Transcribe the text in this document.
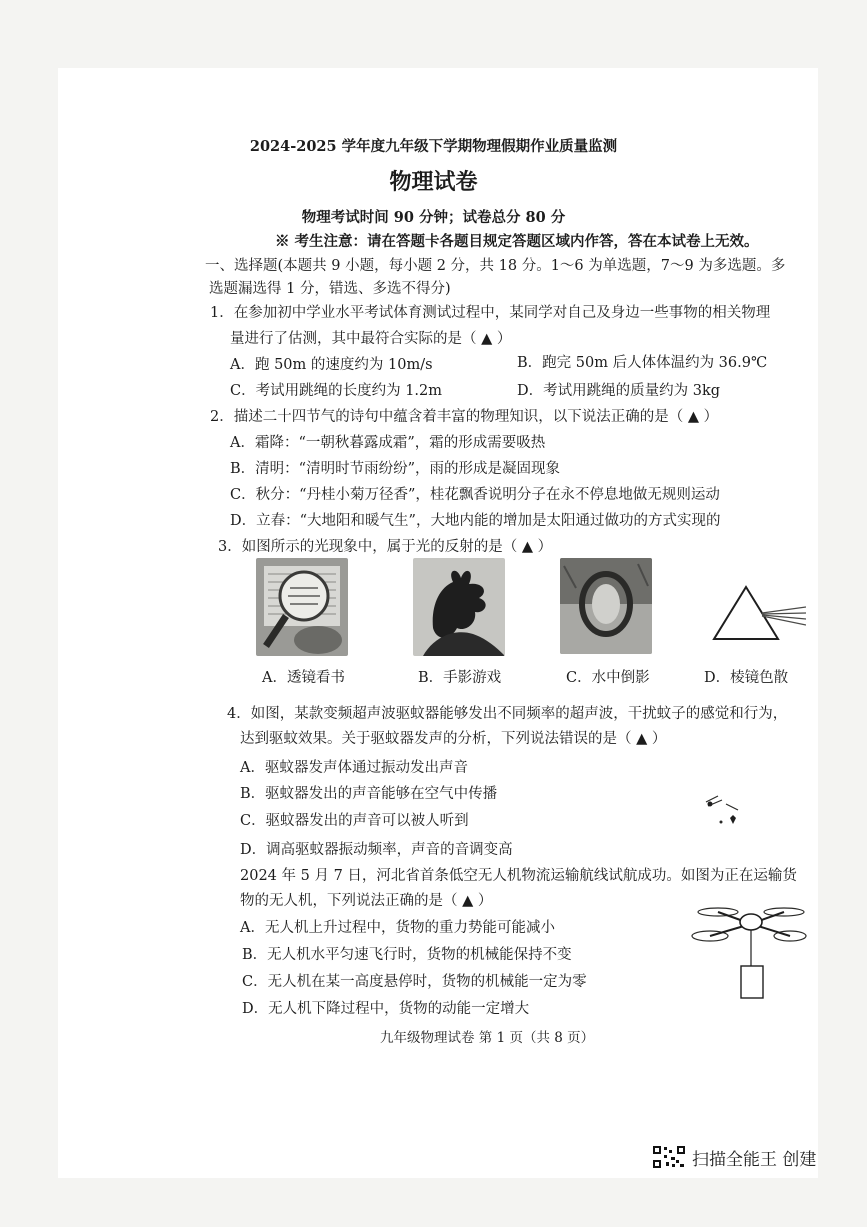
2024-2025 学年度九年级下学期物理假期作业质量监测
物理试卷
物理考试时间 90 分钟；试卷总分 80 分
※ 考生注意：请在答题卡各题目规定答题区域内作答，答在本试卷上无效。
一、选择题(本题共 9 小题，每小题 2 分，共 18 分。1～6 为单选题，7～9 为多选题。多
选题漏选得 1 分，错选、多选不得分)
1．在参加初中学业水平考试体育测试过程中，某同学对自己及身边一些事物的相关物理
量进行了估测，其中最符合实际的是（ ▲ ）
A．跑 50m 的速度约为 10m/s	B．跑完 50m 后人体体温约为 36.9℃
C．考试用跳绳的长度约为 1.2m	D．考试用跳绳的质量约为 3kg
2．描述二十四节气的诗句中蕴含着丰富的物理知识，以下说法正确的是（ ▲ ）
A．霜降：“一朝秋暮露成霜”，霜的形成需要吸热
B．清明：“清明时节雨纷纷”，雨的形成是凝固现象
C．秋分：“丹桂小菊万径香”，桂花飘香说明分子在永不停息地做无规则运动
D．立春：“大地阳和暖气生”，大地内能的增加是太阳通过做功的方式实现的
3．如图所示的光现象中，属于光的反射的是（ ▲ ）
A．透镜看书	B．手影游戏	C．水中倒影	D．棱镜色散
4．如图，某款变频超声波驱蚊器能够发出不同频率的超声波，干扰蚊子的感觉和行为，
达到驱蚊效果。关于驱蚊器发声的分析，下列说法错误的是（ ▲ ）
A．驱蚊器发声体通过振动发出声音
B．驱蚊器发出的声音能够在空气中传播
C．驱蚊器发出的声音可以被人听到
D．调高驱蚊器振动频率，声音的音调变高
2024 年 5 月 7 日，河北省首条低空无人机物流运输航线试航成功。如图为正在运输货
物的无人机，下列说法正确的是（ ▲ ）
A．无人机上升过程中，货物的重力势能可能减小
B．无人机水平匀速飞行时，货物的机械能保持不变
C．无人机在某一高度悬停时，货物的机械能一定为零
D．无人机下降过程中，货物的动能一定增大
九年级物理试卷 第 1 页（共 8 页）
扫描全能王 创建
